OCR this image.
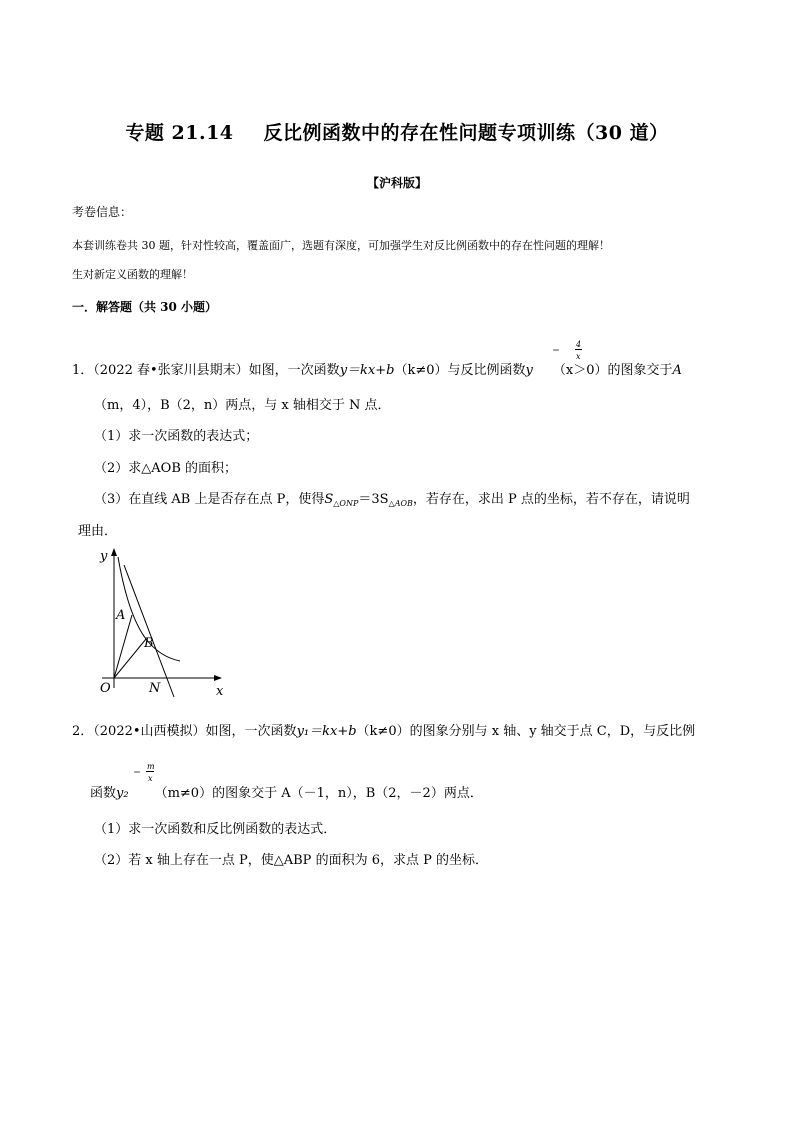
专题 21.14 反比例函数中的存在性问题专项训练（30 道）
【沪科版】
考卷信息：
本套训练卷共 30 题，针对性较高，覆盖面广，选题有深度，可加强学生对反比例函数中的存在性问题的理解！
生对新定义函数的理解！
一．解答题（共 30 小题）
1．（2022 春•张家川县期末）如图，一次函数y＝kx+b（k≠0）与反比例函数y （x＞0）的图象交于A
＝
4
x
（m，4），B（2，n）两点，与 x 轴相交于 N 点．
（1）求一次函数的表达式；
（2）求△AOB 的面积；
（3）在直线 AB 上是否存在点 P，使得$S_{\triangle ONP}=3S_{\triangle AOB}$，若存在，求出 P 点的坐标，若不存在，请说明
理由．
y
x
O
A
B
N
2．（2022•山西模拟）如图，一次函数y₁＝kx+b（k≠0）的图象分别与 x 轴、y 轴交于点 C，D，与反比例
函数y₂ （m≠0）的图象交于 A（－1，n），B（2，－2）两点．
＝
m
x
（1）求一次函数和反比例函数的表达式．
（2）若 x 轴上存在一点 P，使△ABP 的面积为 6，求点 P 的坐标．
